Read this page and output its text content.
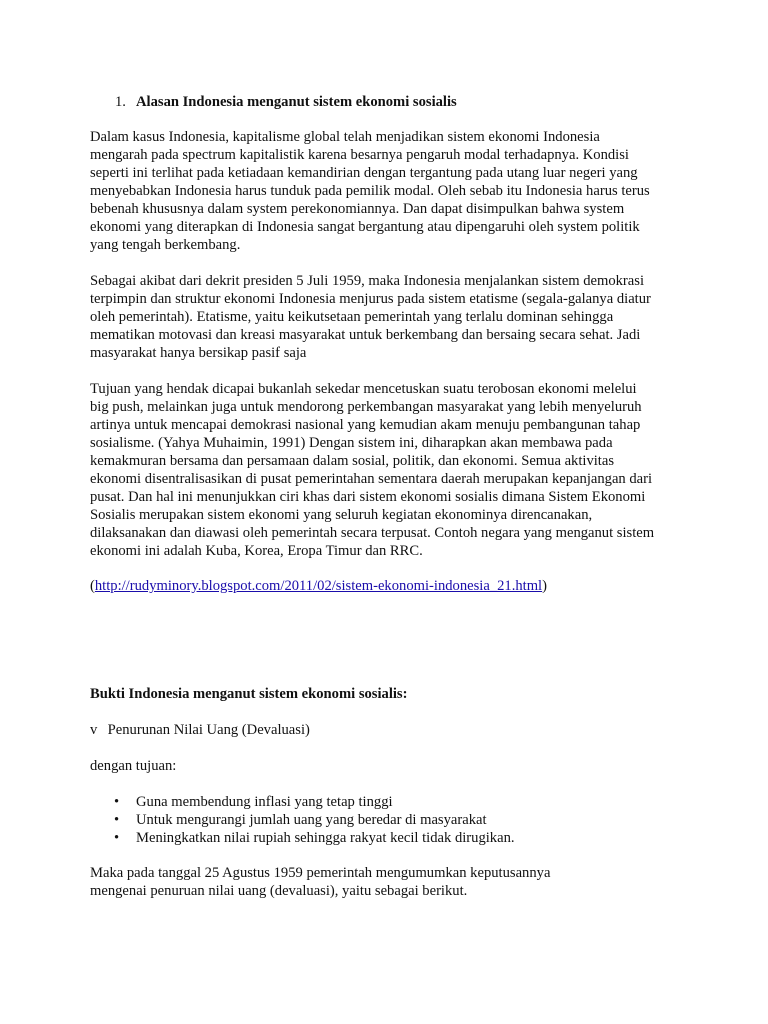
1. Alasan Indonesia menganut sistem ekonomi sosialis

Dalam kasus Indonesia, kapitalisme global telah menjadikan sistem ekonomi Indonesia
mengarah pada spectrum kapitalistik karena besarnya pengaruh modal terhadapnya. Kondisi
seperti ini terlihat pada ketiadaan kemandirian dengan tergantung pada utang luar negeri yang
menyebabkan Indonesia harus tunduk pada pemilik modal. Oleh sebab itu Indonesia harus terus
bebenah khususnya dalam system perekonomiannya. Dan dapat disimpulkan bahwa system
ekonomi yang diterapkan di Indonesia sangat bergantung atau dipengaruhi oleh system politik
yang tengah berkembang.

Sebagai akibat dari dekrit presiden 5 Juli 1959, maka Indonesia menjalankan sistem demokrasi
terpimpin dan struktur ekonomi Indonesia menjurus pada sistem etatisme (segala-galanya diatur
oleh pemerintah). Etatisme, yaitu keikutsetaan pemerintah yang terlalu dominan sehingga
mematikan motovasi dan kreasi masyarakat untuk berkembang dan bersaing secara sehat. Jadi
masyarakat hanya bersikap pasif saja

Tujuan yang hendak dicapai bukanlah sekedar mencetuskan suatu terobosan ekonomi melelui
big push, melainkan juga untuk mendorong perkembangan masyarakat yang lebih menyeluruh
artinya untuk mencapai demokrasi nasional yang kemudian akam menuju pembangunan tahap
sosialisme. (Yahya Muhaimin, 1991) Dengan sistem ini, diharapkan akan membawa pada
kemakmuran bersama dan persamaan dalam sosial, politik, dan ekonomi. Semua aktivitas
ekonomi disentralisasikan di pusat pemerintahan sementara daerah merupakan kepanjangan dari
pusat. Dan hal ini menunjukkan ciri khas dari sistem ekonomi sosialis dimana Sistem Ekonomi
Sosialis merupakan sistem ekonomi yang seluruh kegiatan ekonominya direncanakan,
dilaksanakan dan diawasi oleh pemerintah secara terpusat. Contoh negara yang menganut sistem
ekonomi ini adalah Kuba, Korea, Eropa Timur dan RRC.

(http://rudyminory.blogspot.com/2011/02/sistem-ekonomi-indonesia_21.html)

Bukti Indonesia menganut sistem ekonomi sosialis:

v Penurunan Nilai Uang (Devaluasi)

dengan tujuan:

• Guna membendung inflasi yang tetap tinggi
• Untuk mengurangi jumlah uang yang beredar di masyarakat
• Meningkatkan nilai rupiah sehingga rakyat kecil tidak dirugikan.

Maka pada tanggal 25 Agustus 1959 pemerintah mengumumkan keputusannya
mengenai penuruan nilai uang (devaluasi), yaitu sebagai berikut.
